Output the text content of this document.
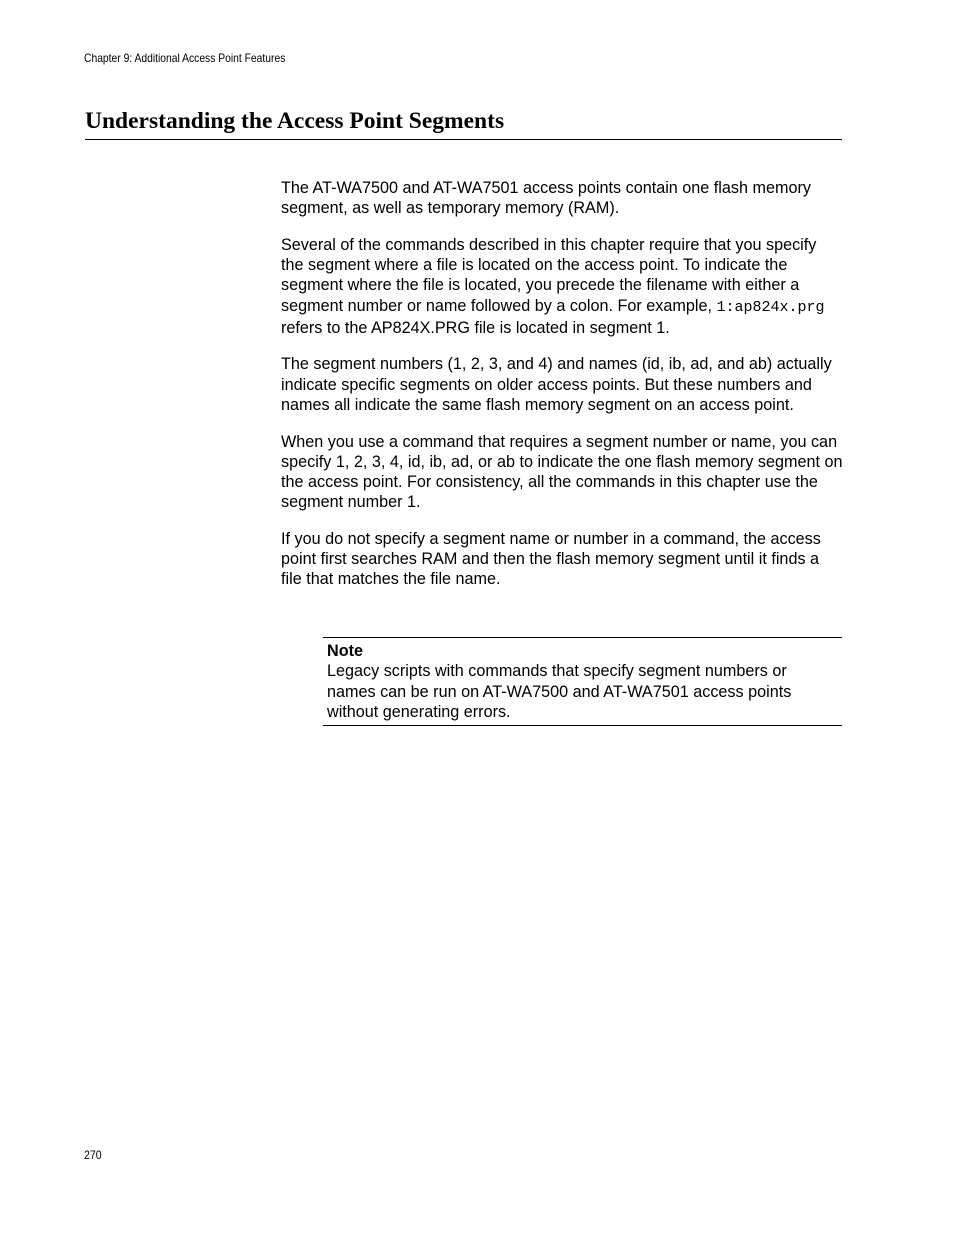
Chapter 9: Additional Access Point Features
Understanding the Access Point Segments

The AT-WA7500 and AT-WA7501 access points contain one flash memory segment, as well as temporary memory (RAM).

Several of the commands described in this chapter require that you specify the segment where a file is located on the access point. To indicate the segment where the file is located, you precede the filename with either a segment number or name followed by a colon. For example, 1:ap824x.prg refers to the AP824X.PRG file is located in segment 1.

The segment numbers (1, 2, 3, and 4) and names (id, ib, ad, and ab) actually indicate specific segments on older access points. But these numbers and names all indicate the same flash memory segment on an access point.

When you use a command that requires a segment number or name, you can specify 1, 2, 3, 4, id, ib, ad, or ab to indicate the one flash memory segment on the access point. For consistency, all the commands in this chapter use the segment number 1.

If you do not specify a segment name or number in a command, the access point first searches RAM and then the flash memory segment until it finds a file that matches the file name.

Note
Legacy scripts with commands that specify segment numbers or names can be run on AT-WA7500 and AT-WA7501 access points without generating errors.
270
